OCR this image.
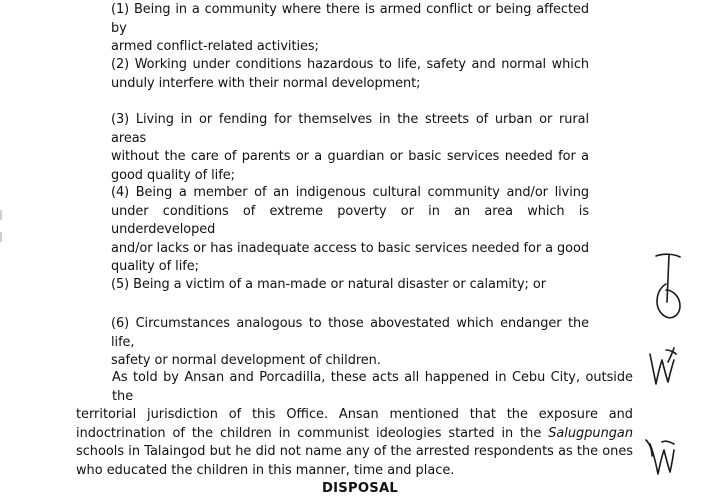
(1) Being in a community where there is armed conflict or being affected by
armed conflict-related activities;
(2) Working under conditions hazardous to life, safety and normal which
unduly interfere with their normal development;
(3) Living in or fending for themselves in the streets of urban or rural areas
without the care of parents or a guardian or basic services needed for a
good quality of life;
(4) Being a member of an indigenous cultural community and/or living
under conditions of extreme poverty or in an area which is underdeveloped
and/or lacks or has inadequate access to basic services needed for a good
quality of life;
(5) Being a victim of a man-made or natural disaster or calamity; or
(6) Circumstances analogous to those abovestated which endanger the life,
safety or normal development of children.
As told by Ansan and Porcadilla, these acts all happened in Cebu City, outside the
territorial jurisdiction of this Office. Ansan mentioned that the exposure and
indoctrination of the children in communist ideologies started in the Salugpungan
schools in Talaingod but he did not name any of the arrested respondents as the ones
who educated the children in this manner, time and place.
DISPOSAL
